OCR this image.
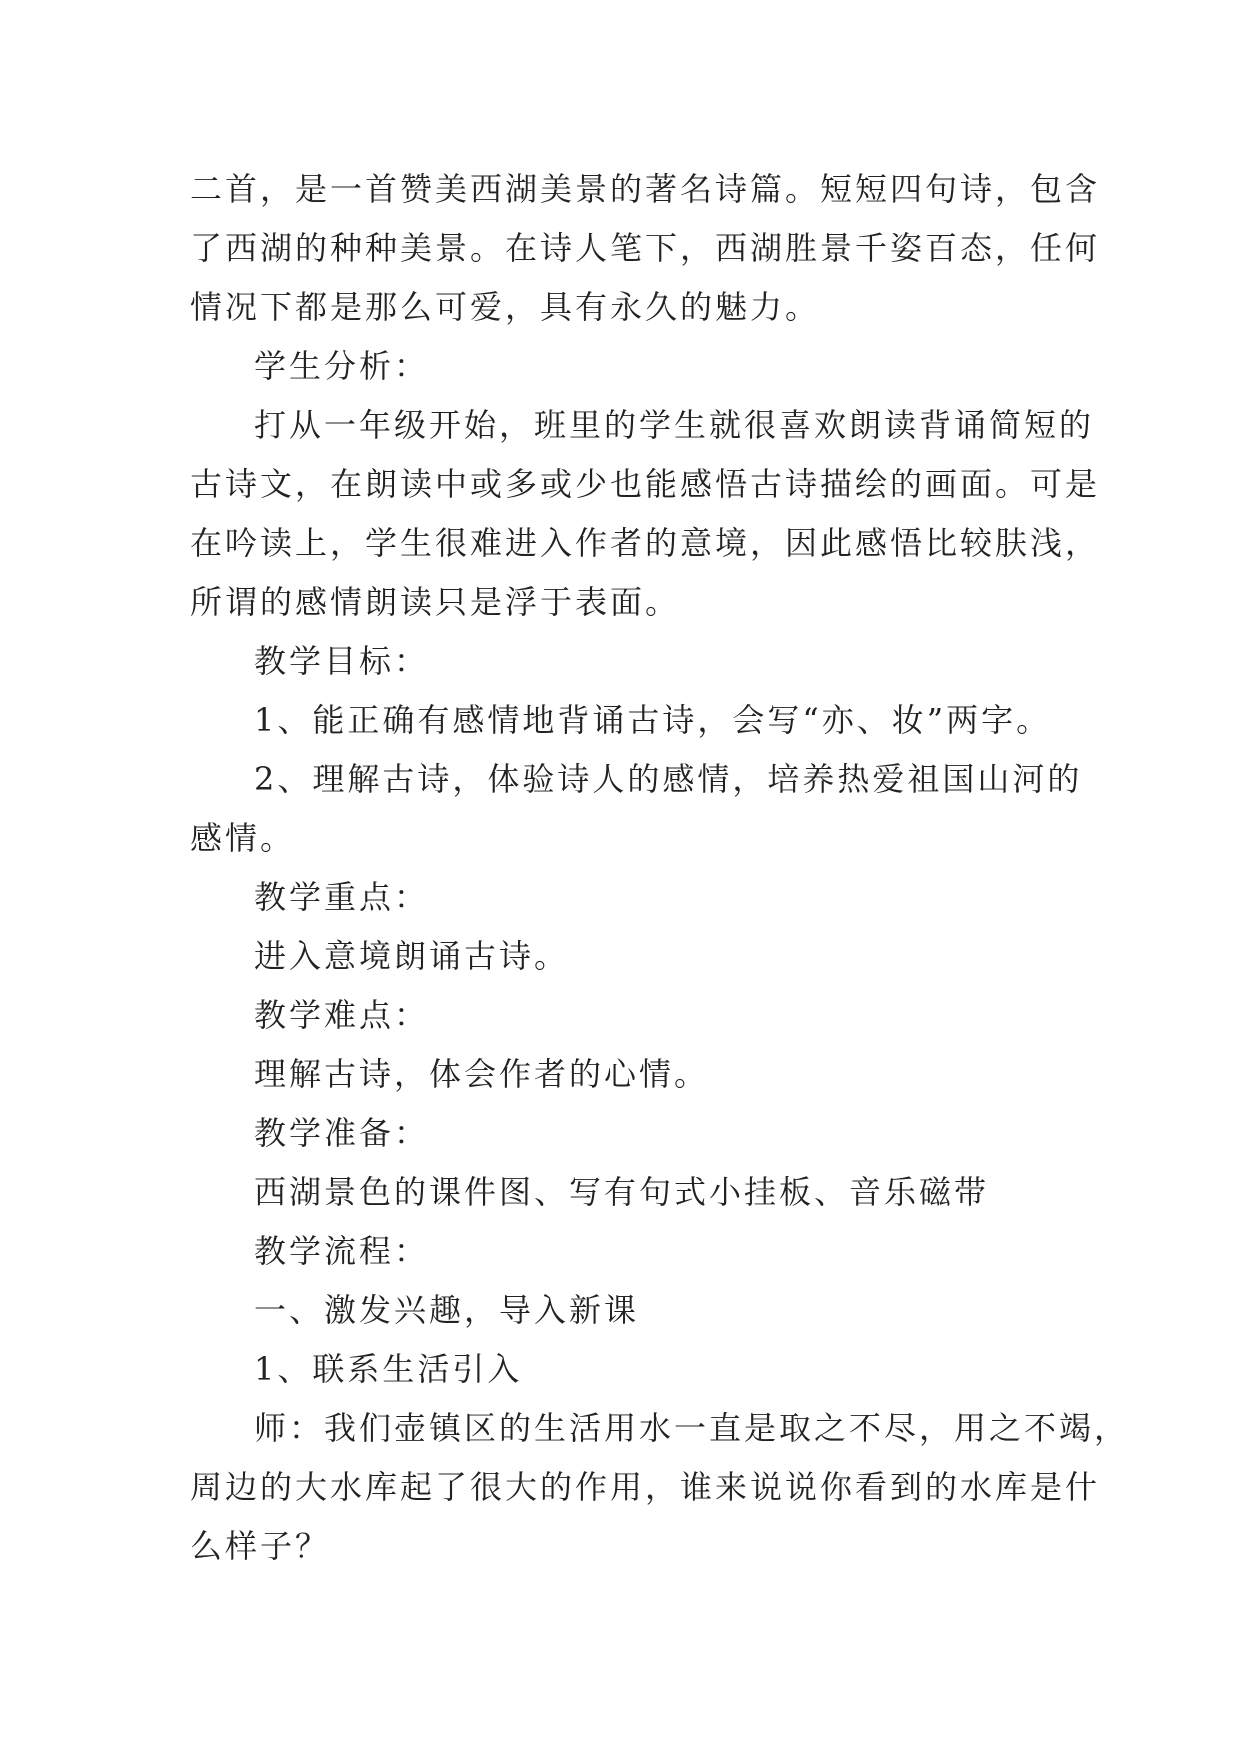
二首，是一首赞美西湖美景的著名诗篇。短短四句诗，包含

了西湖的种种美景。在诗人笔下，西湖胜景千姿百态，任何

情况下都是那么可爱，具有永久的魅力。

学生分析：

打从一年级开始，班里的学生就很喜欢朗读背诵简短的

古诗文，在朗读中或多或少也能感悟古诗描绘的画面。可是

在吟读上，学生很难进入作者的意境，因此感悟比较肤浅，

所谓的感情朗读只是浮于表面。

教学目标：

1、能正确有感情地背诵古诗，会写“亦、妆”两字。

2、理解古诗，体验诗人的感情，培养热爱祖国山河的

感情。

教学重点：

进入意境朗诵古诗。

教学难点：

理解古诗，体会作者的心情。

教学准备：

西湖景色的课件图、写有句式小挂板、音乐磁带

教学流程：

一、激发兴趣，导入新课

1、联系生活引入

师：我们壶镇区的生活用水一直是取之不尽，用之不竭，

周边的大水库起了很大的作用，谁来说说你看到的水库是什

么样子？
